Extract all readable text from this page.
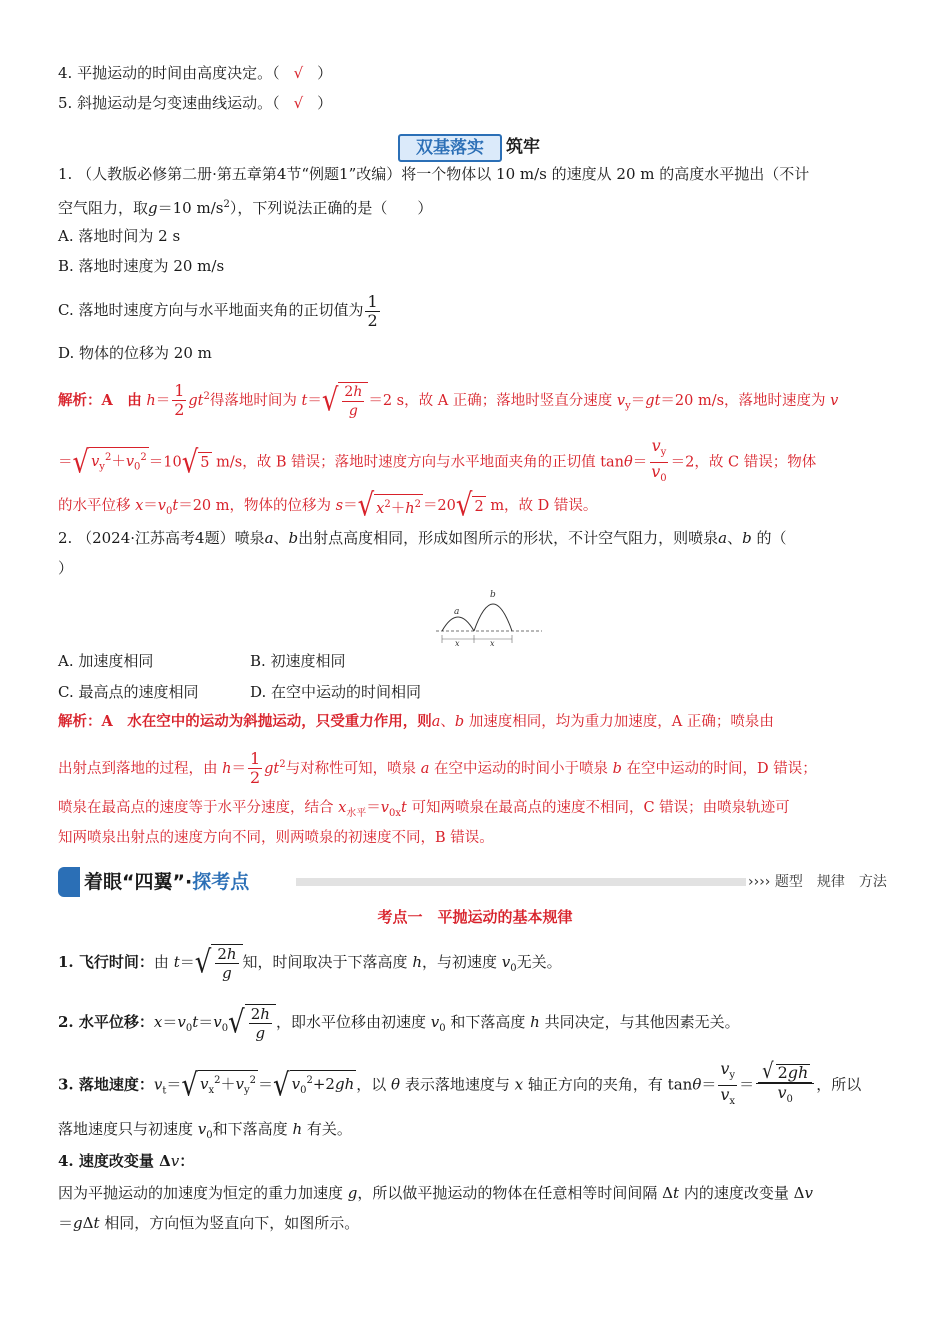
4. 平抛运动的时间由高度决定。（ √ ）
5. 斜抛运动是匀变速曲线运动。（ √ ）
双基落实	筑牢
1. （人教版必修第二册·第五章第4节“例题1”改编）将一个物体以 10 m/s 的速度从 20 m 的高度水平抛出（不计
空气阻力，取g＝10 $m/s^2$），下列说法正确的是（　　）
A. 落地时间为 2 s
B. 落地时速度为 20 m/s
C. 落地时速度方向与水平地面夹角的正切值为 $\frac{1}{2}$
D. 物体的位移为 20 m
解析：A　由 $h= \frac{1}{2} gt^2$得落地时间为 t＝ √ $\frac{2h}{g} =2$ s，故 A 正确；落地时竖直分速度 $v_y=gt=20$ m/s，落地时速度为 v
＝ √ $v_y^2+v_0^2 =10$ √ 5 m/s，故 B 错误；落地时速度方向与水平地面夹角的正切值 $\tan\theta= \frac{v_y}{v_0} =2$，故 C 错误；物体
的水平位移 $x=v_0t=20$ m，物体的位移为 s＝ √ $x^2+h^2 =20$ √ 2 m，故 D 错误。
2. （2024·江苏高考4题）喷泉a、b出射点高度相同，形成如图所示的形状，不计空气阻力，则喷泉a、b 的（
）
a
b
x	x
A. 加速度相同	B. 初速度相同
C. 最高点的速度相同	D. 在空中运动的时间相同
解析：A　水在空中的运动为斜抛运动，只受重力作用，则a、b 加速度相同，均为重力加速度，A 正确；喷泉由
出射点到落地的过程，由 $h= \frac{1}{2} gt^2$与对称性可知，喷泉 a 在空中运动的时间小于喷泉 b 在空中运动的时间，D 错误；
喷泉在最高点的速度等于水平分速度，结合 $x_{水平}=v_{0x}t$ 可知两喷泉在最高点的速度不相同，C 错误；由喷泉轨迹可
知两喷泉出射点的速度方向不同，则两喷泉的初速度不同，B 错误。
着眼“四翼”·探考点	›››› 题型　规律　方法
考点一　平抛运动的基本规律
1. 飞行时间：由 t＝ √ $\frac{2h}{g}$ 知，时间取决于下落高度 h，与初速度 $v_0$无关。
2. 水平位移：$x=v_0t=v_0$ √ $\frac{2h}{g}$ ，即水平位移由初速度 $v_0$ 和下落高度 h 共同决定，与其他因素无关。
3. 落地速度：$v_t=$ √ $v_x^2+v_y^2$ ＝ √ $v_0^2+2gh$ ，以 θ 表示落地速度与 x 轴正方向的夹角，有 $\tan\theta= \frac{v_y}{v_x} = \frac{√ 2gh}{v_0}$ ，所以
落地速度只与初速度 $v_0$和下落高度 h 有关。
4. 速度改变量 Δv：
因为平抛运动的加速度为恒定的重力加速度 g，所以做平抛运动的物体在任意相等时间间隔 Δt 内的速度改变量 Δv
＝gΔt 相同，方向恒为竖直向下，如图所示。
